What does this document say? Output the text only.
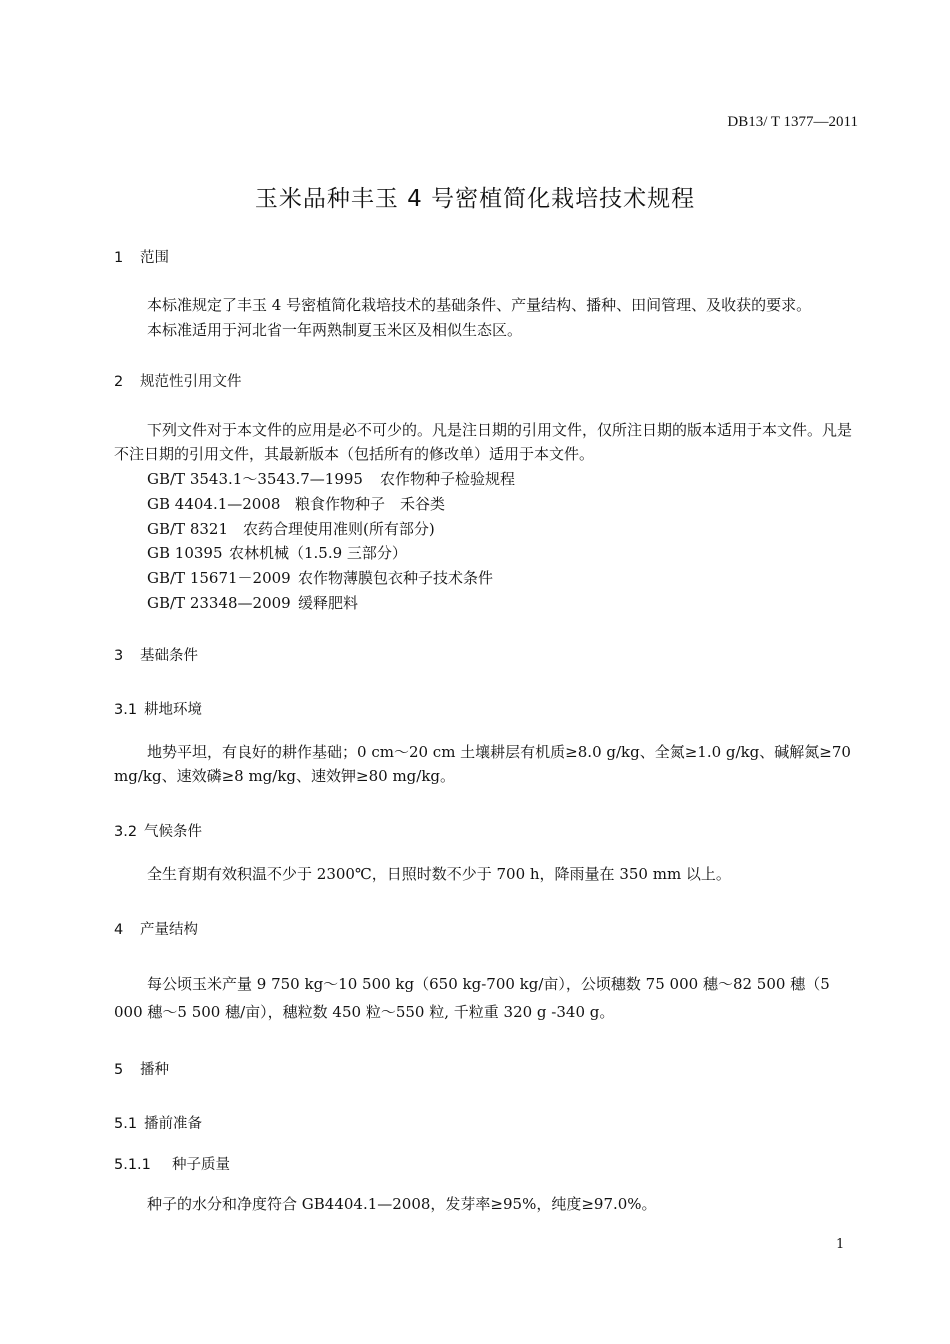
DB13/ T 1377—2011
玉米品种丰玉 4 号密植简化栽培技术规程
1 范围
本标准规定了丰玉 4 号密植简化栽培技术的基础条件、产量结构、播种、田间管理、及收获的要求。
本标准适用于河北省一年两熟制夏玉米区及相似生态区。
2 规范性引用文件
下列文件对于本文件的应用是必不可少的。凡是注日期的引用文件，仅所注日期的版本适用于本文件。凡是不注日期的引用文件，其最新版本（包括所有的修改单）适用于本文件。
GB/T 3543.1～3543.7—1995 农作物种子检验规程
GB 4404.1—2008 粮食作物种子　禾谷类
GB/T 8321 农药合理使用准则(所有部分)
GB 10395 农林机械（1.5.9 三部分）
GB/T 15671－2009 农作物薄膜包衣种子技术条件
GB/T 23348—2009 缓释肥料
3 基础条件
3.1 耕地环境
地势平坦，有良好的耕作基础；0 cm～20 cm 土壤耕层有机质≥8.0 g/kg、全氮≥1.0 g/kg、碱解氮≥70 mg/kg、速效磷≥8 mg/kg、速效钾≥80 mg/kg。
3.2 气候条件
全生育期有效积温不少于 2300℃，日照时数不少于 700 h，降雨量在 350 mm 以上。
4 产量结构
每公顷玉米产量 9 750 kg～10 500 kg（650 kg-700 kg/亩），公顷穗数 75 000 穗～82 500 穗（5 000 穗～5 500 穗/亩），穗粒数 450 粒～550 粒, 千粒重 320 g -340 g。
5 播种
5.1 播前准备
5.1.1 种子质量
种子的水分和净度符合 GB4404.1—2008，发芽率≥95%，纯度≥97.0%。
1
